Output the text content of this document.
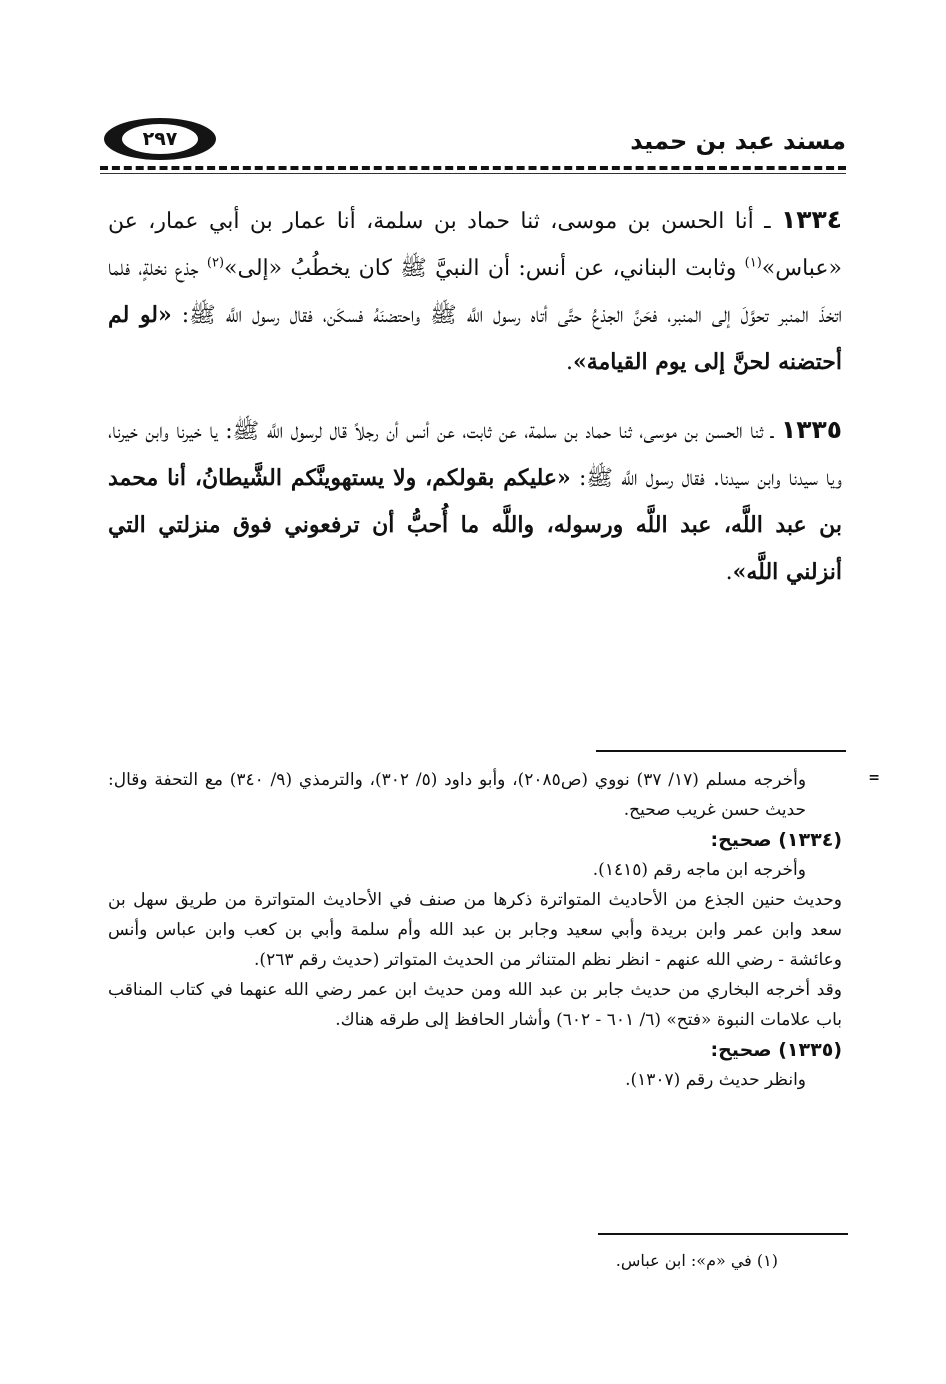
مسند عبد بن حميد
٢٩٧

١٣٣٤ ـ أنا الحسن بن موسى، ثنا حماد بن سلمة، أنا عمار بن أبي عمار، عن «عباس»$^{(١)}$ وثابت البناني، عن أنس: أن النبيَّ ﷺ كان يخطُبُ «إلى»$^{(٢)}$ جذع نخلةٍ، فلما اتخذَ المنبر تحوَّلَ إلى المنبر، فحَنَّ الجذعُ حتَّى أتاه رسول اللَّه ﷺ واحتضنَهُ فسكَن، فقال رسول اللَّه ﷺ: «لو لم أحتضنه لحنَّ إلى يوم القيامة».

١٣٣٥ ـ ثنا الحسن بن موسى، ثنا حماد بن سلمة، عن ثابت، عن أنس أن رجلاً قال لرسول اللَّه ﷺ: يا خيرنا وابن خيرنا، ويا سيدنا وابن سيدنا. فقال رسول اللَّه ﷺ: «عليكم بقولكم، ولا يستهوينَّكم الشَّيطانُ، أنا محمد بن عبد اللَّه، عبد اللَّه ورسوله، واللَّه ما أُحبُّ أن ترفعوني فوق منزلتي التي أنزلني اللَّه».

=

وأخرجه مسلم (١٧/ ٣٧) نووي (ص٢٠٨٥)، وأبو داود (٥/ ٣٠٢)، والترمذي (٩/ ٣٤٠) مع التحفة وقال: حديث حسن غريب صحيح.

(١٣٣٤) صحيح:

وأخرجه ابن ماجه رقم (١٤١٥).

وحديث حنين الجذع من الأحاديث المتواترة ذكرها من صنف في الأحاديث المتواترة من طريق سهل بن سعد وابن عمر وابن بريدة وأبي سعيد وجابر بن عبد الله وأم سلمة وأبي بن كعب وابن عباس وأنس وعائشة - رضي الله عنهم - انظر نظم المتناثر من الحديث المتواتر (حديث رقم ٢٦٣).

وقد أخرجه البخاري من حديث جابر بن عبد الله ومن حديث ابن عمر رضي الله عنهما في كتاب المناقب باب علامات النبوة «فتح» (٦/ ٦٠١ - ٦٠٢) وأشار الحافظ إلى طرقه هناك.

(١٣٣٥) صحيح:

وانظر حديث رقم (١٣٠٧).

(١) في «م»: ابن عباس.
